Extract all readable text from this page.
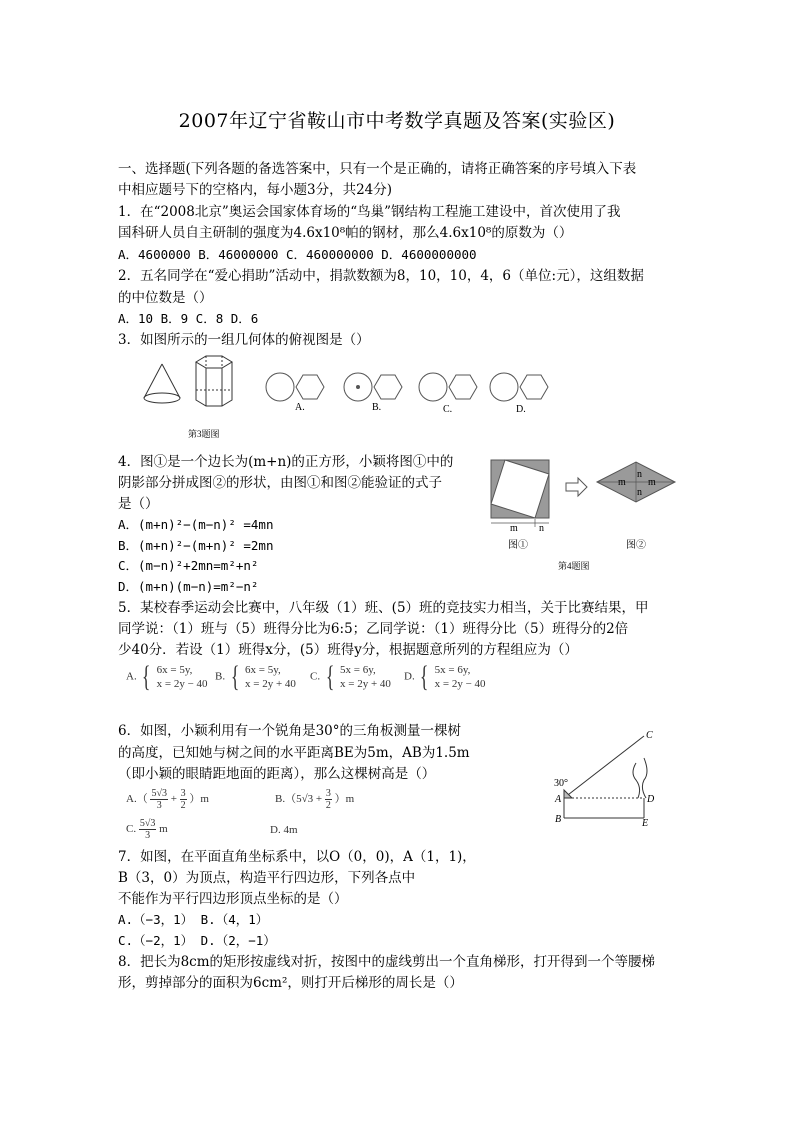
2007年辽宁省鞍山市中考数学真题及答案(实验区)
一、选择题(下列各题的备选答案中，只有一个是正确的，请将正确答案的序号填入下表
中相应题号下的空格内，每小题3分，共24分)
1．在“2008北京”奥运会国家体育场的“鸟巢”钢结构工程施工建设中，首次使用了我
国科研人员自主研制的强度为4.6x10⁸帕的钢材，那么4.6x10⁸的原数为（）
A．4600000 B．46000000 C．460000000 D．4600000000
2．五名同学在“爱心捐助”活动中，捐款数额为8，10，10，4，6（单位:元），这组数据
的中位数是（）
A．10 B．9 C．8 D．6
3．如图所示的一组几何体的俯视图是（）
A.	B.	C.	D.
第3题图
4．图①是一个边长为(m+n)的正方形，小颖将图①中的
阴影部分拼成图②的形状，由图①和图②能验证的式子
是（）
A．(m+n)²−(m−n)² =4mn
B．(m+n)²−(m+n)² =2mn
C．(m−n)²+2mn=m²+n²
D．(m+n)(m−n)=m²−n²
m n
图①
m m
n
n
图②
第4题图
5．某校春季运动会比赛中，八年级（1）班、(5）班的竞技实力相当，关于比赛结果，甲
同学说：（1）班与（5）班得分比为6:5；乙同学说：（1）班得分比（5）班得分的2倍
少40分．若设（1）班得x分，(5）班得y分，根据题意所列的方程组应为（）
A. { 6x = 5y,
x = 2y − 40
B. { 6x = 5y,
x = 2y + 40
C. { 5x = 6y,
x = 2y + 40
D. { 5x = 6y,
x = 2y − 40
6．如图，小颖利用有一个锐角是30°的三角板测量一棵树
的高度，已知她与树之间的水平距离BE为5m，AB为1.5m
（即小颖的眼睛距地面的距离），那么这棵树高是（）
$A.( \frac{5√3}{3} + \frac{3}{2} )m$	$B.(5√3 + \frac{3}{2} )m$
C. $\frac{5√3}{3}$ m	D. 4m
C
30°
A
B
D
E
7．如图，在平面直角坐标系中，以O（0，0)，A（1，1)，
B（3，0）为顶点，构造平行四边形，下列各点中
不能作为平行四边形顶点坐标的是（）
A.（−3，1） B.（4，1）
C.（−2，1） D.（2，−1）
8．把长为8cm的矩形按虚线对折，按图中的虚线剪出一个直角梯形，打开得到一个等腰梯
形，剪掉部分的面积为6cm²，则打开后梯形的周长是（）
